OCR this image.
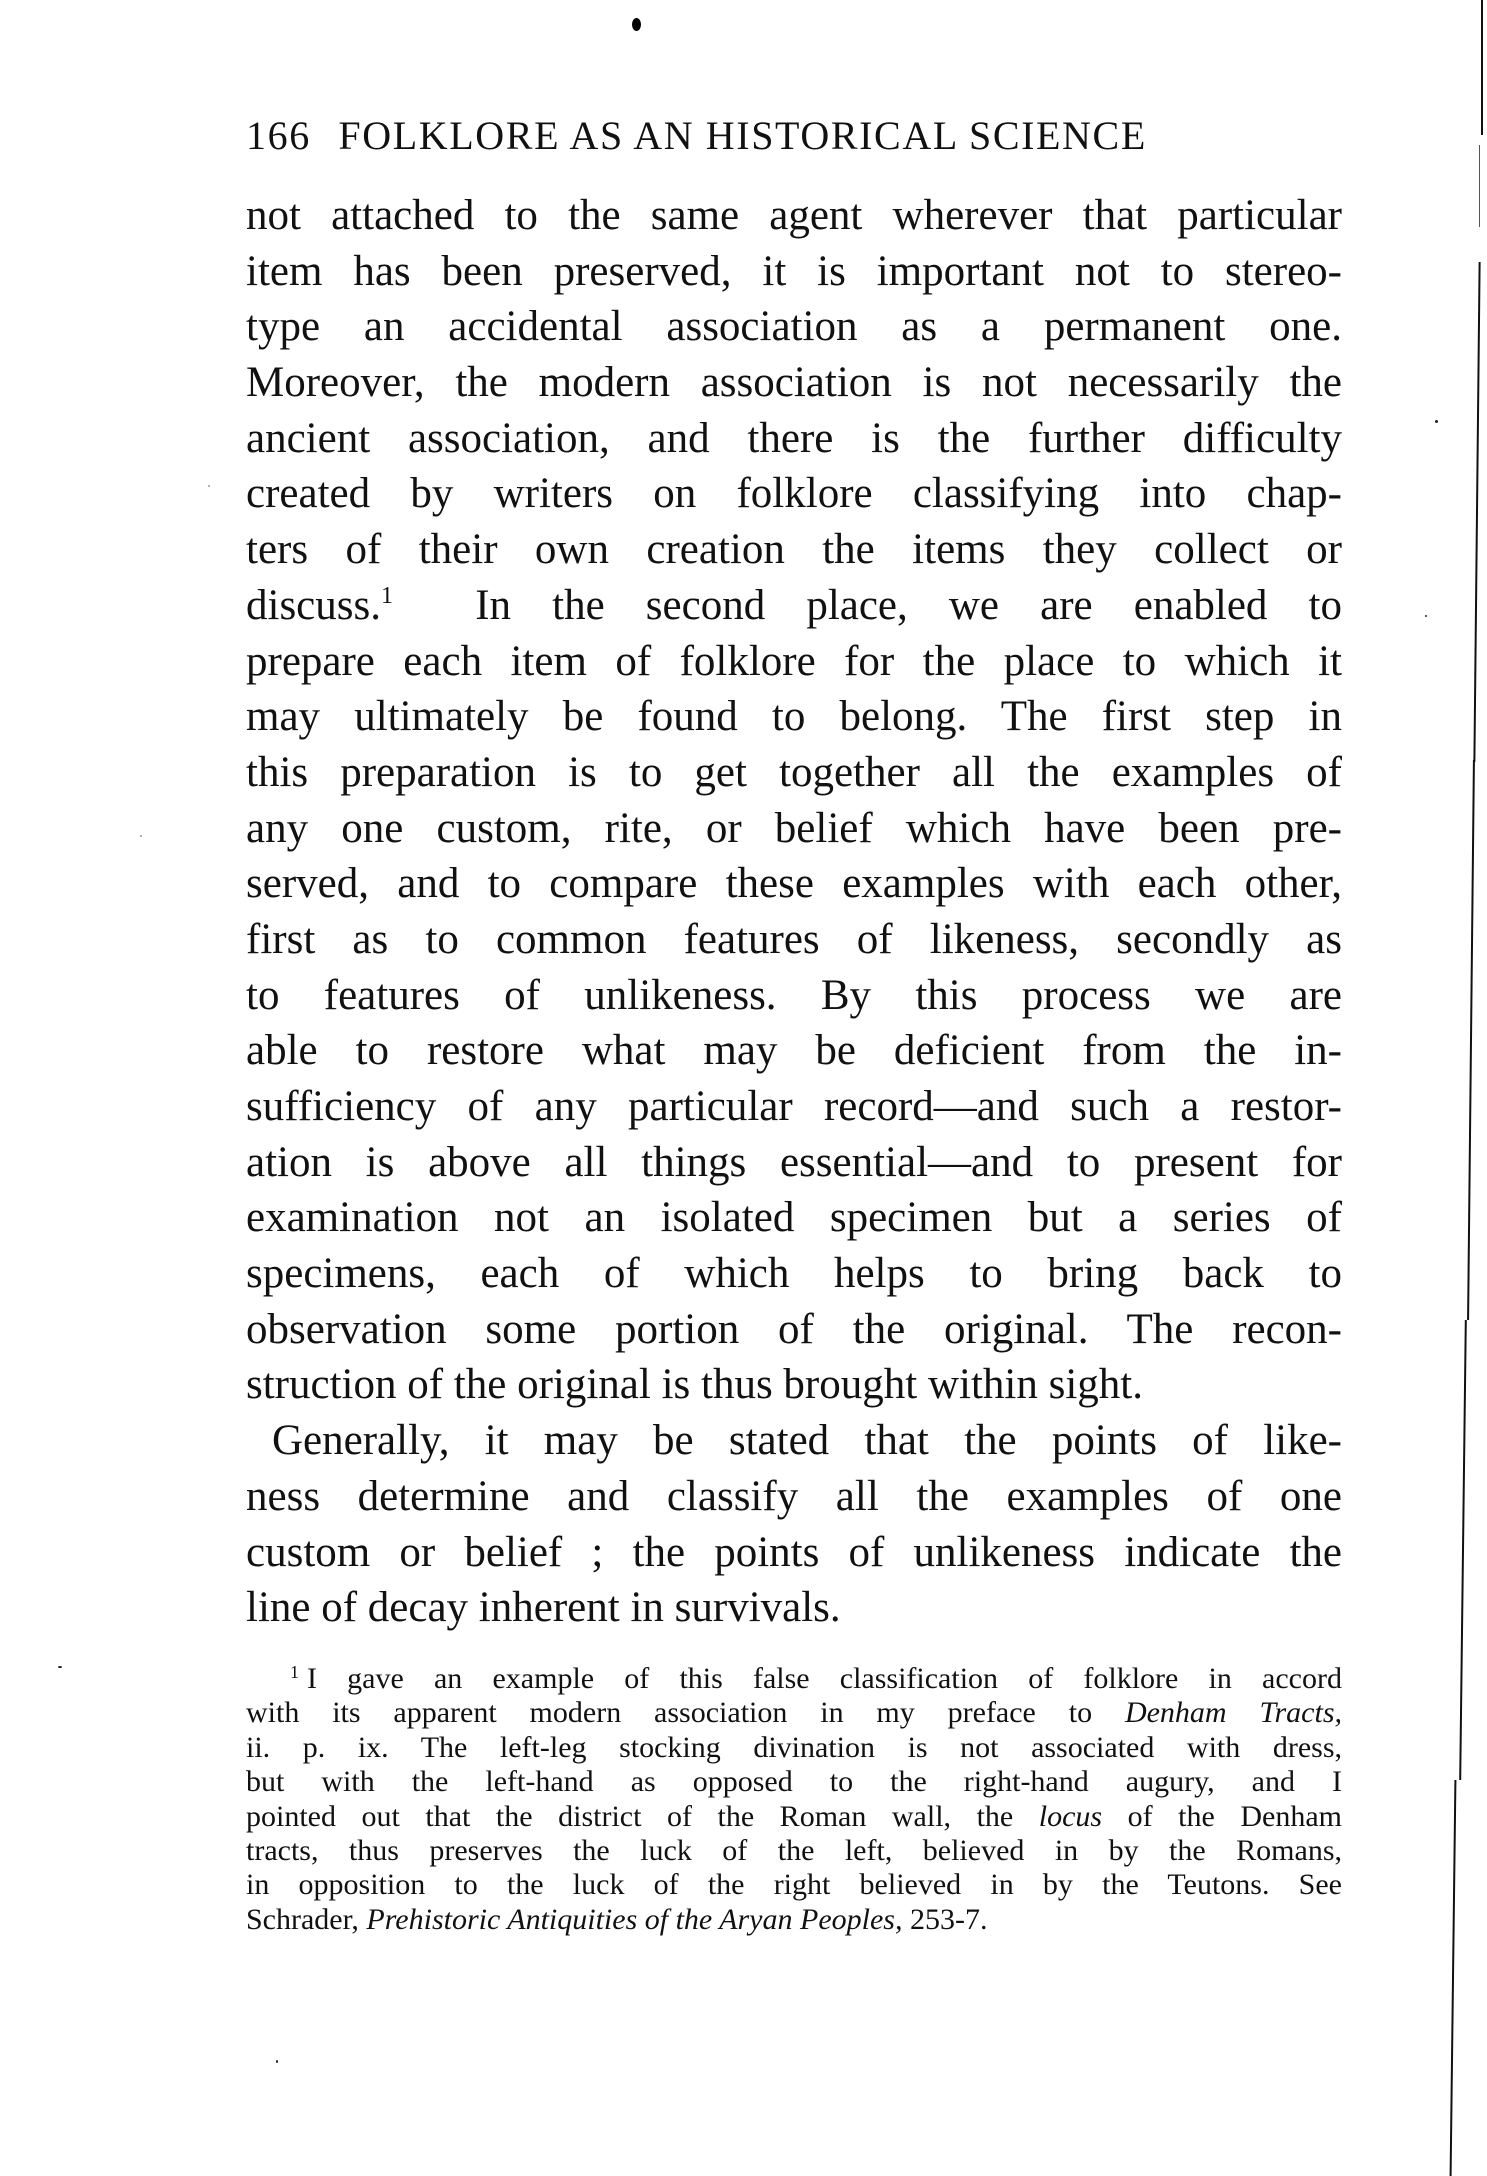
166 FOLKLORE AS AN HISTORICAL SCIENCE
not attached to the same agent wherever that particular
item has been preserved, it is important not to stereo-
type an accidental association as a permanent one.
Moreover, the modern association is not necessarily the
ancient association, and there is the further difficulty
created by writers on folklore classifying into chap-
ters of their own creation the items they collect or
discuss.$^1$ In the second place, we are enabled to
prepare each item of folklore for the place to which it
may ultimately be found to belong. The first step in
this preparation is to get together all the examples of
any one custom, rite, or belief which have been pre-
served, and to compare these examples with each other,
first as to common features of likeness, secondly as
to features of unlikeness. By this process we are
able to restore what may be deficient from the in-
sufficiency of any particular record—and such a restor-
ation is above all things essential—and to present for
examination not an isolated specimen but a series of
specimens, each of which helps to bring back to
observation some portion of the original. The recon-
struction of the original is thus brought within sight.
Generally, it may be stated that the points of like-
ness determine and classify all the examples of one
custom or belief ; the points of unlikeness indicate the
line of decay inherent in survivals.
$^1$ I gave an example of this false classification of folklore in accord
with its apparent modern association in my preface to Denham Tracts,
ii. p. ix. The left-leg stocking divination is not associated with dress,
but with the left-hand as opposed to the right-hand augury, and I
pointed out that the district of the Roman wall, the locus of the Denham
tracts, thus preserves the luck of the left, believed in by the Romans,
in opposition to the luck of the right believed in by the Teutons. See
Schrader, Prehistoric Antiquities of the Aryan Peoples, 253-7.
